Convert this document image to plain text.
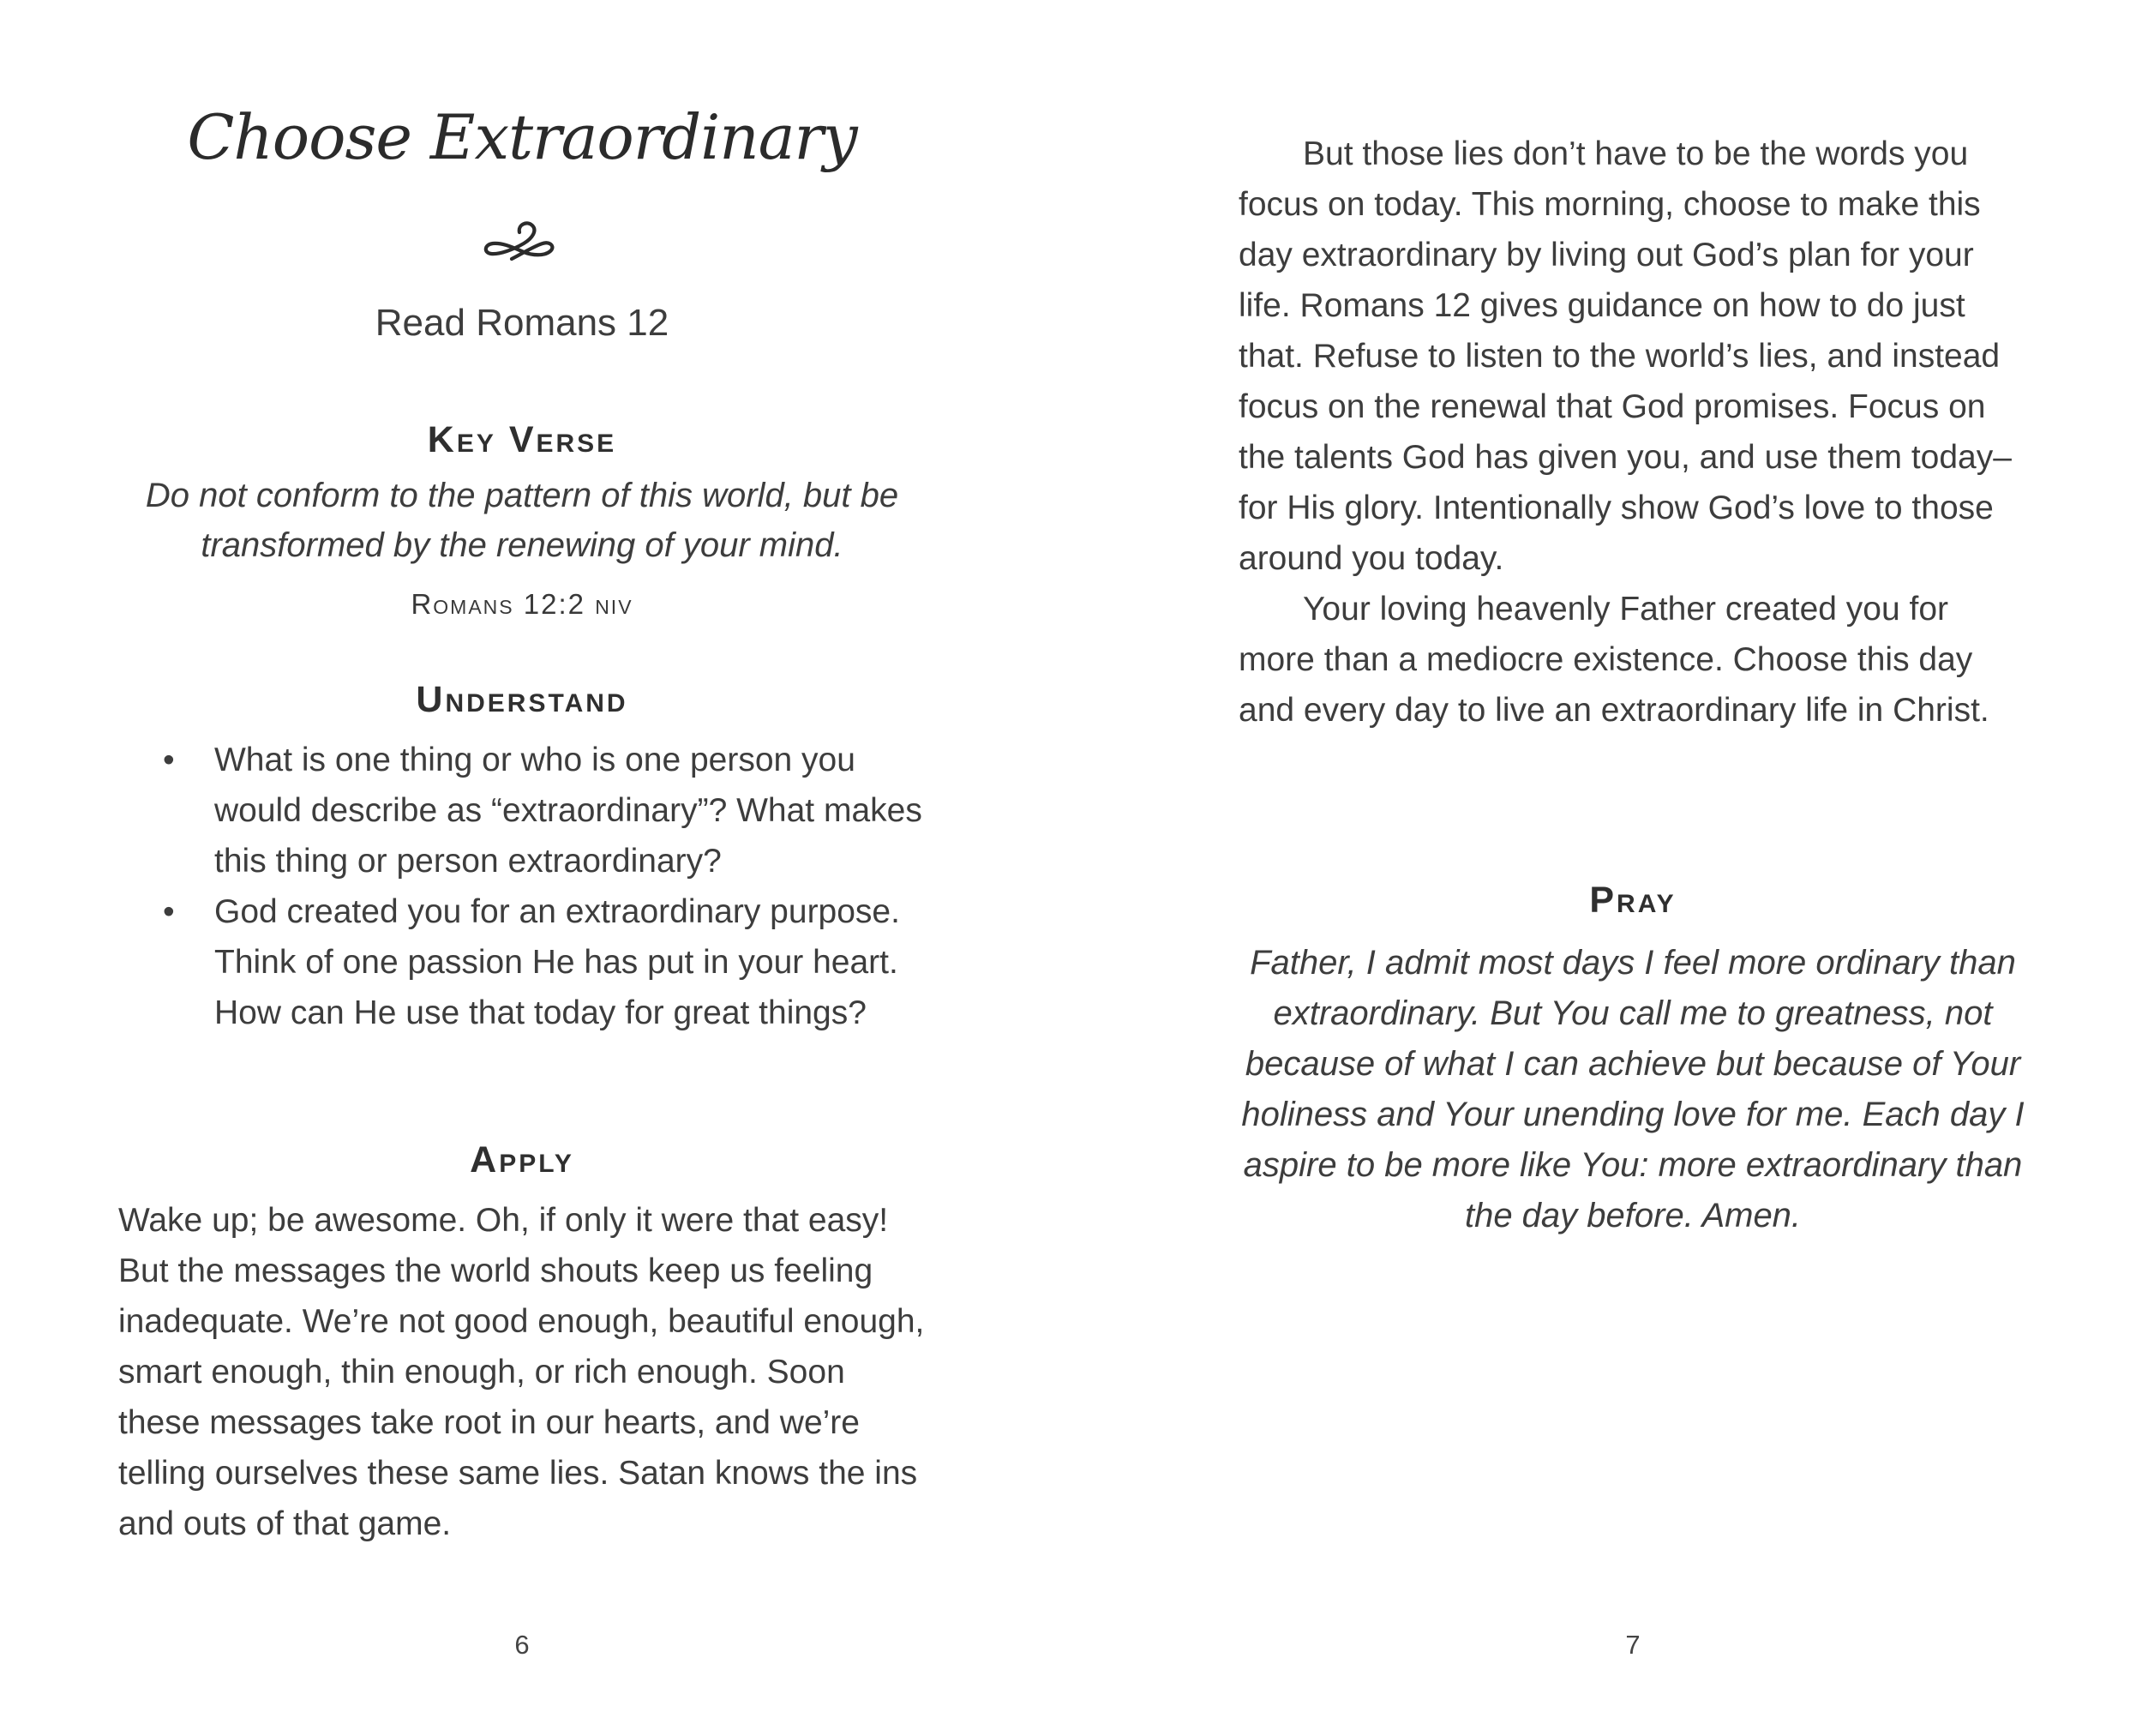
Choose Extraordinary

Read Romans 12

Key Verse

Do not conform to the pattern of this world, but be transformed by the renewing of your mind.

Romans 12:2 niv

Understand
• What is one thing or who is one person you would describe as “extraordinary”? What makes this thing or person extraordinary?
• God created you for an extraordinary purpose. Think of one passion He has put in your heart. How can He use that today for great things?
Apply

Wake up; be awesome. Oh, if only it were that easy! But the messages the world shouts keep us feeling inadequate. We’re not good enough, beautiful enough, smart enough, thin enough, or rich enough. Soon these messages take root in our hearts, and we’re telling ourselves these same lies. Satan knows the ins and outs of that game.

6

But those lies don’t have to be the words you focus on today. This morning, choose to make this day extraordinary by living out God’s plan for your life. Romans 12 gives guidance on how to do just that. Refuse to listen to the world’s lies, and instead focus on the renewal that God promises. Focus on the talents God has given you, and use them today–for His glory. Intentionally show God’s love to those around you today.

Your loving heavenly Father created you for more than a mediocre existence. Choose this day and every day to live an extraordinary life in Christ.

Pray

Father, I admit most days I feel more ordinary than extraordinary. But You call me to greatness, not because of what I can achieve but because of Your holiness and Your unending love for me. Each day I aspire to be more like You: more extraordinary than the day before. Amen.

7
